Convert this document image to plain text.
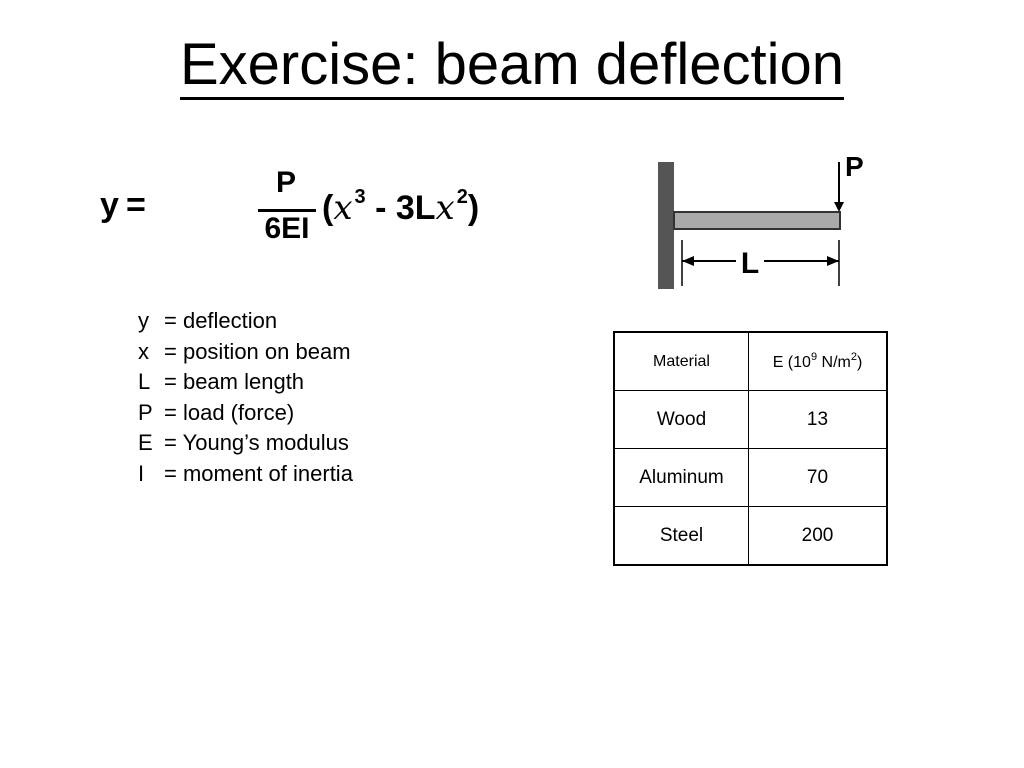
Exercise: beam deflection
y =
P
6EI
(x $^3$ - 3Lx $^2$)
P
L
y = deflection
x = position on beam
L = beam length
P = load (force)
E = Young’s modulus
I = moment of inertia
Material	E ($10^9$ $N/m^2$)
Wood	13
Aluminum	70
Steel	200
